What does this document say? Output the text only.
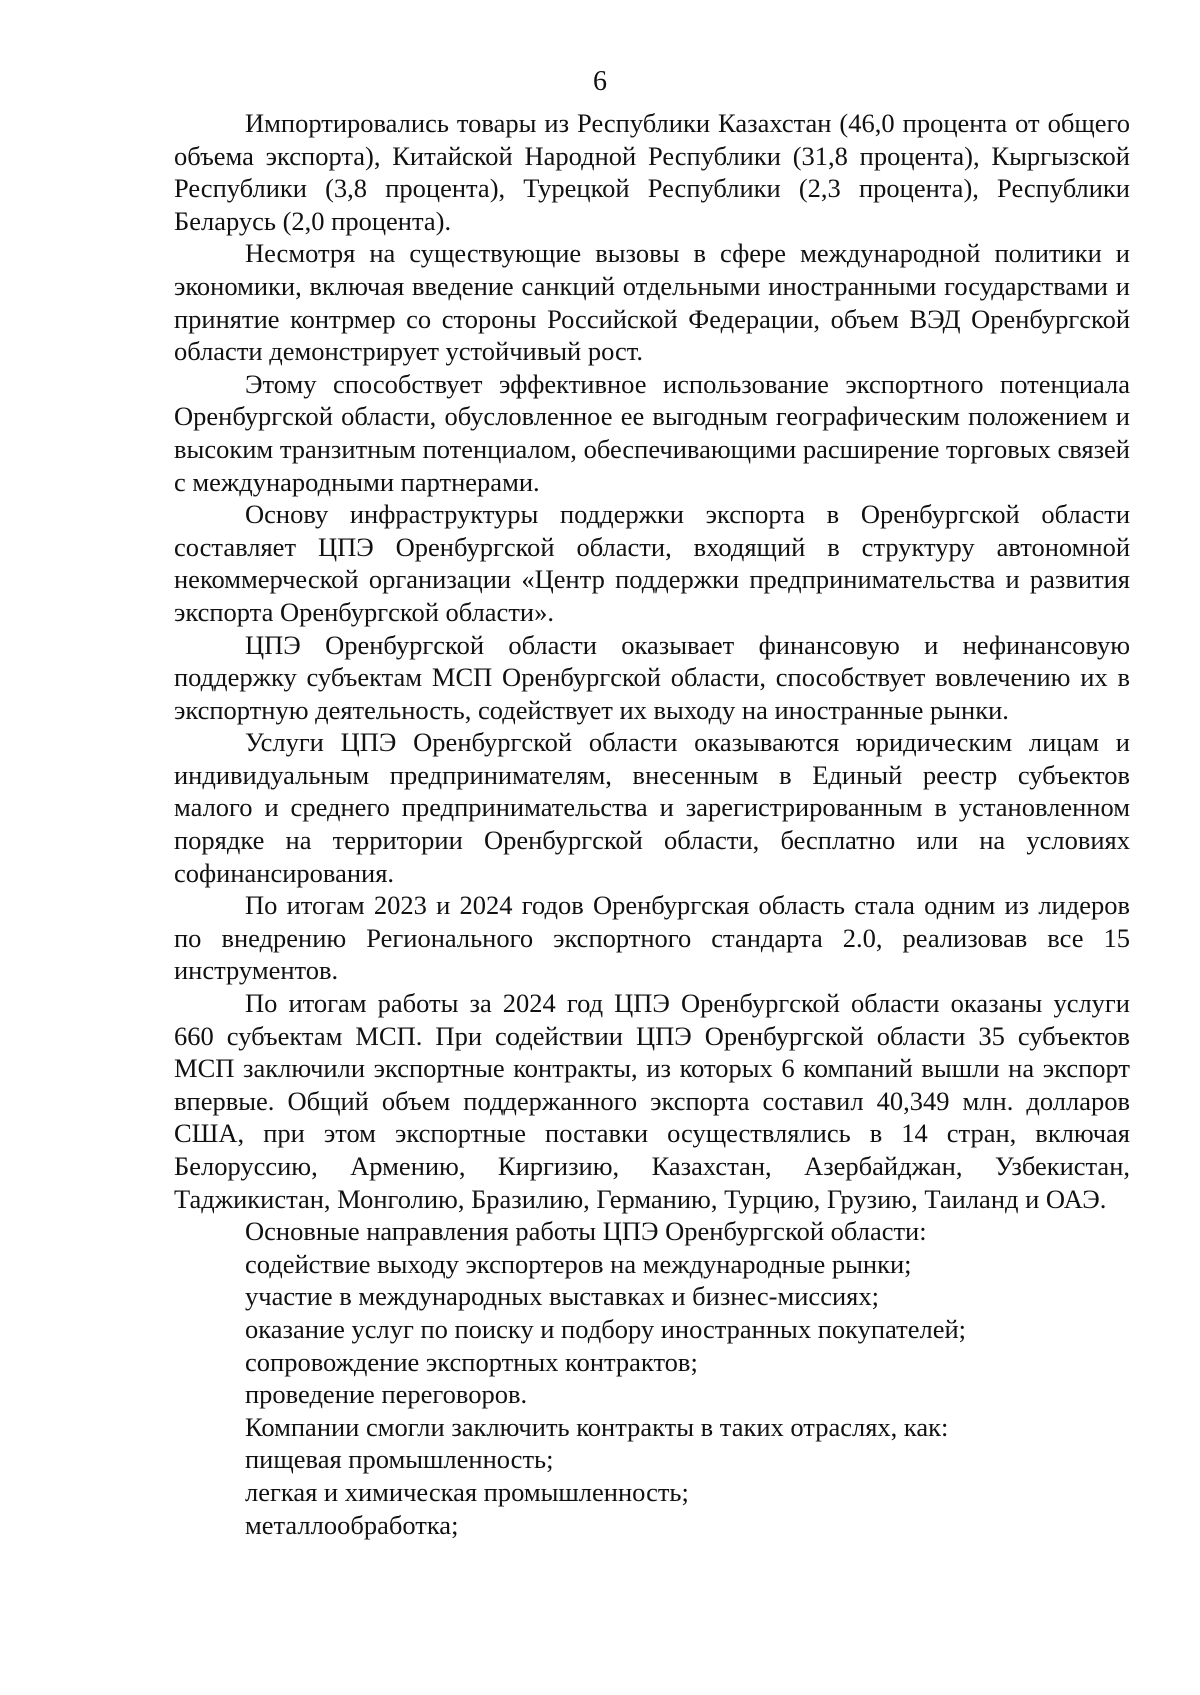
6

Импортировались товары из Республики Казахстан (46,0 процента от общего объема экспорта), Китайской Народной Республики (31,8 процента), Кыргызской Республики (3,8 процента), Турецкой Республики (2,3 процента), Республики Беларусь (2,0 процента).

Несмотря на существующие вызовы в сфере международной политики и экономики, включая введение санкций отдельными иностранными государствами и принятие контрмер со стороны Российской Федерации, объем ВЭД Оренбургской области демонстрирует устойчивый рост.

Этому способствует эффективное использование экспортного потенциала Оренбургской области, обусловленное ее выгодным географическим положением и высоким транзитным потенциалом, обеспечивающими расширение торговых связей с международными партнерами.

Основу инфраструктуры поддержки экспорта в Оренбургской области составляет ЦПЭ Оренбургской области, входящий в структуру автономной некоммерческой организации «Центр поддержки предпринимательства и развития экспорта Оренбургской области».

ЦПЭ Оренбургской области оказывает финансовую и нефинансовую поддержку субъектам МСП Оренбургской области, способствует вовлечению их в экспортную деятельность, содействует их выходу на иностранные рынки.

Услуги ЦПЭ Оренбургской области оказываются юридическим лицам и индивидуальным предпринимателям, внесенным в Единый реестр субъектов малого и среднего предпринимательства и зарегистрированным в установленном порядке на территории Оренбургской области, бесплатно или на условиях софинансирования.

По итогам 2023 и 2024 годов Оренбургская область стала одним из лидеров по внедрению Регионального экспортного стандарта 2.0, реализовав все 15 инструментов.

По итогам работы за 2024 год ЦПЭ Оренбургской области оказаны услуги 660 субъектам МСП. При содействии ЦПЭ Оренбургской области 35 субъектов МСП заключили экспортные контракты, из которых 6 компаний вышли на экспорт впервые. Общий объем поддержанного экспорта составил 40,349 млн. долларов США, при этом экспортные поставки осуществлялись в 14 стран, включая Белоруссию, Армению, Киргизию, Казахстан, Азербайджан, Узбекистан, Таджикистан, Монголию, Бразилию, Германию, Турцию, Грузию, Таиланд и ОАЭ.

Основные направления работы ЦПЭ Оренбургской области:

содействие выходу экспортеров на международные рынки;

участие в международных выставках и бизнес-миссиях;

оказание услуг по поиску и подбору иностранных покупателей;

сопровождение экспортных контрактов;

проведение переговоров.

Компании смогли заключить контракты в таких отраслях, как:

пищевая промышленность;

легкая и химическая промышленность;

металлообработка;
